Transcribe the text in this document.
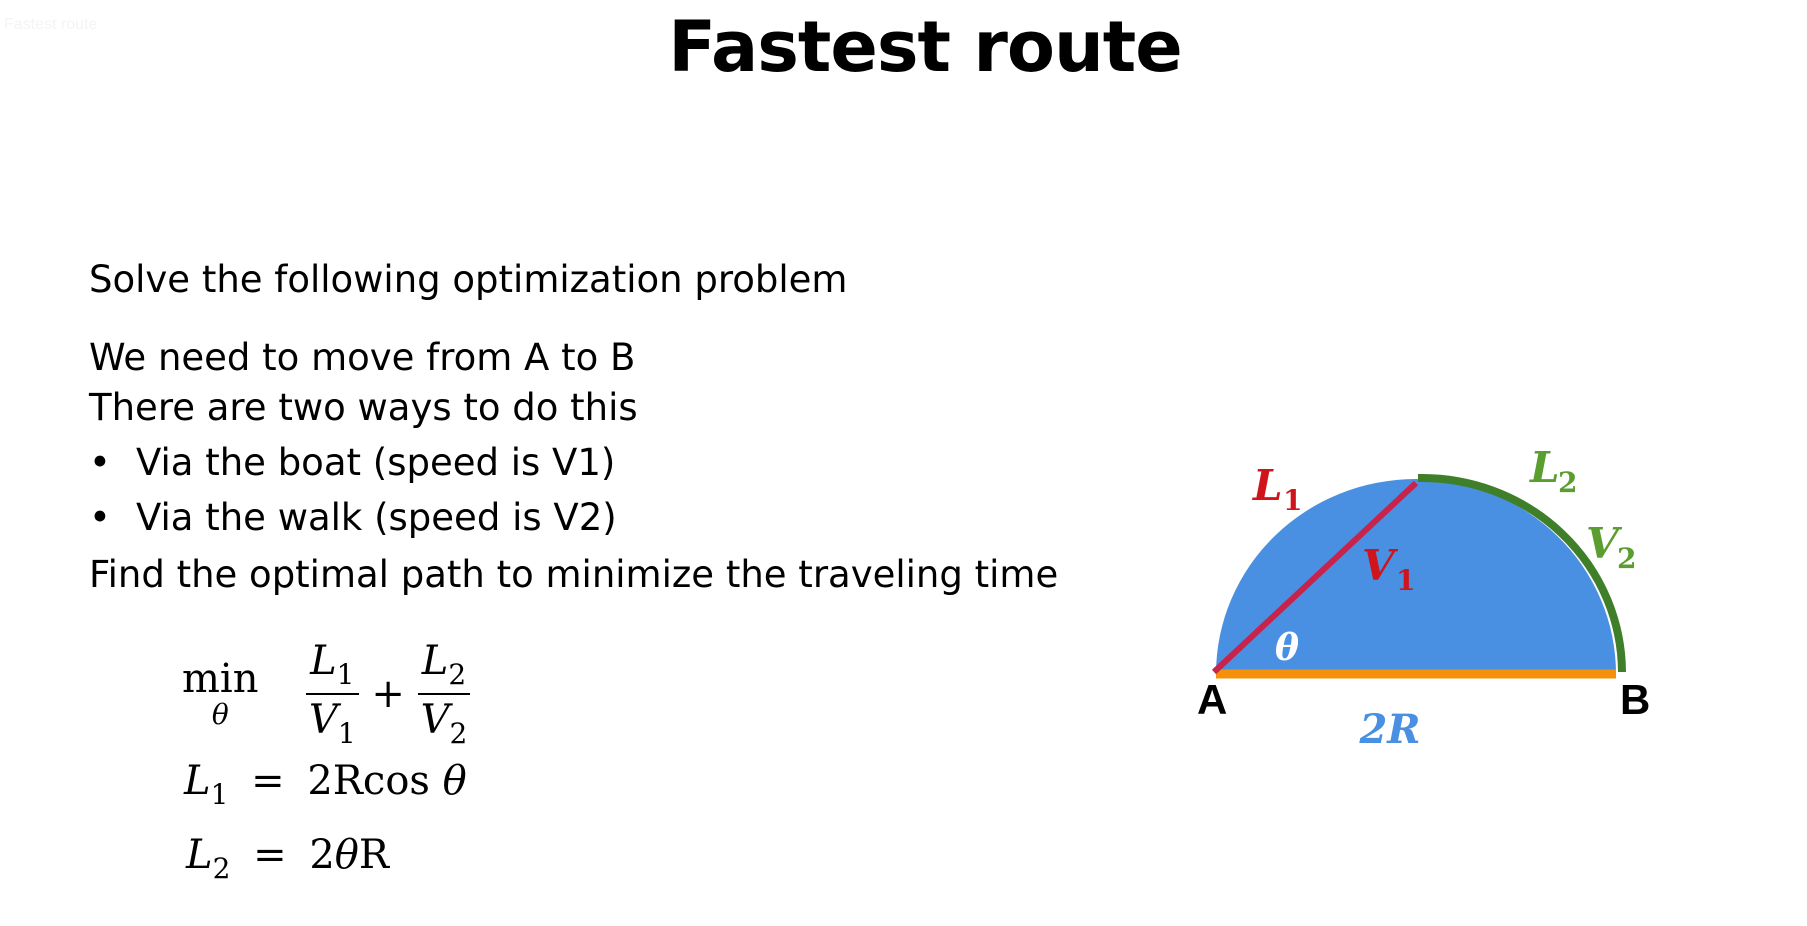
Fastest route	Fastest route

Solve the following optimization problem

We need to move from A to B

There are two ways to do this

• Via the boat (speed is V1)
• Via the walk (speed is V2)

Find the optimal path to minimize the traveling time

min
θ
	$\frac{L_1}{V_1} + \frac{L_2}{V_2}$
$L_1 = 2Rcos$ θ
$L_2 = 2\theta R$
A	B
2R
θ
L 1
V 1
L
2
V
2
